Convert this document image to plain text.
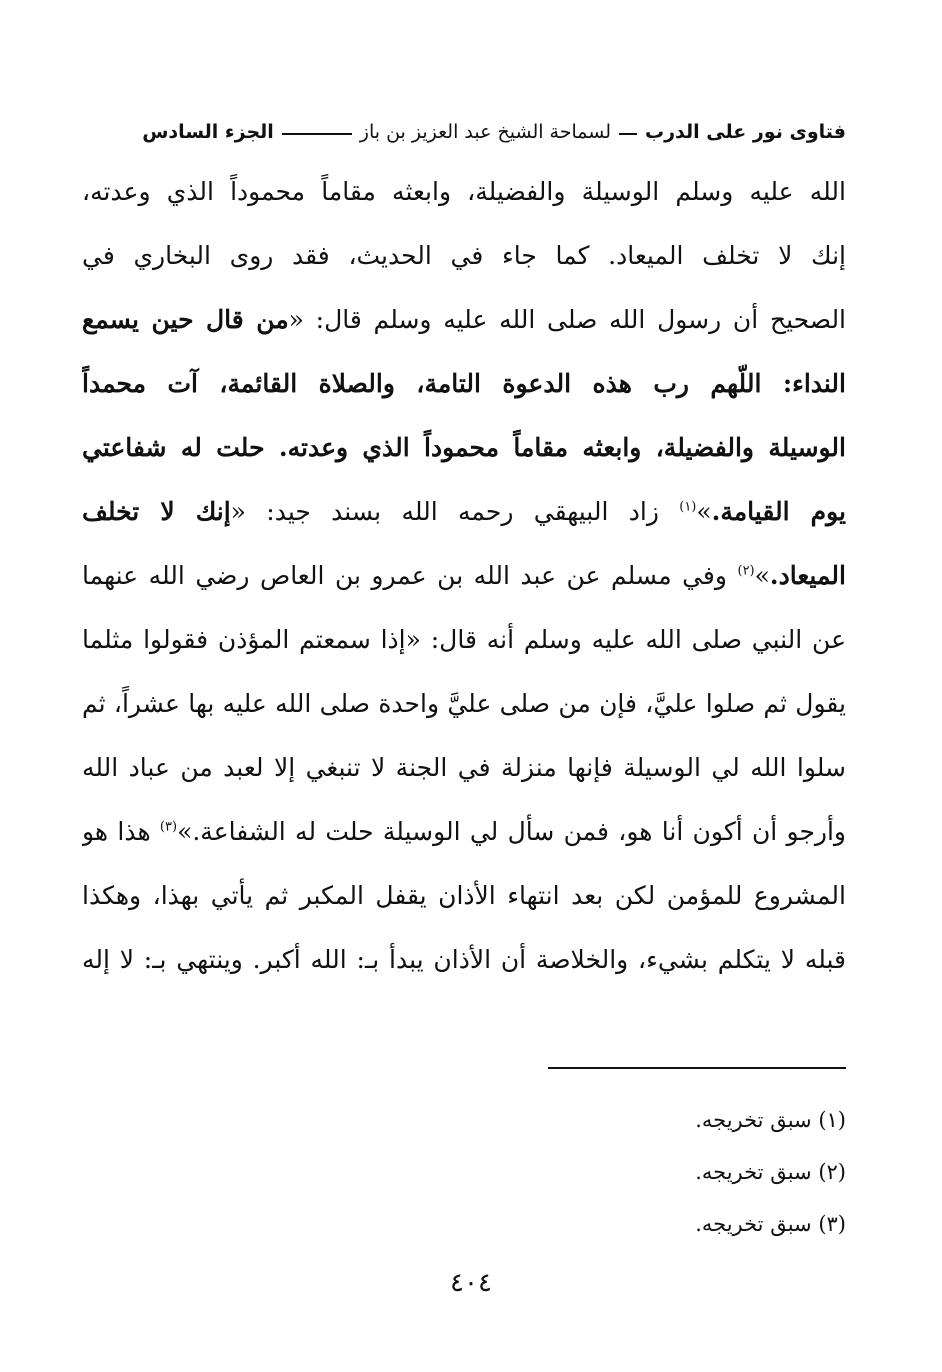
فتاوى نور على الدرب
لسماحة الشيخ عبد العزيز بن باز
الجزء السادس
الله عليه وسلم الوسيلة والفضيلة، وابعثه مقاماً محموداً الذي وعدته،
إنك لا تخلف الميعاد. كما جاء في الحديث، فقد روى البخاري في
الصحيح أن رسول الله صلى الله عليه وسلم قال: «من قال حين يسمع
النداء: اللّهم رب هذه الدعوة التامة، والصلاة القائمة، آت محمداً
الوسيلة والفضيلة، وابعثه مقاماً محموداً الذي وعدته. حلت له شفاعتي
يوم القيامة.»$^{(١)}$ زاد البيهقي رحمه الله بسند جيد: «إنك لا تخلف
الميعاد.»$^{(٢)}$ وفي مسلم عن عبد الله بن عمرو بن العاص رضي الله عنهما
عن النبي صلى الله عليه وسلم أنه قال: «إذا سمعتم المؤذن فقولوا مثلما
يقول ثم صلوا عليَّ، فإن من صلى عليَّ واحدة صلى الله عليه بها عشراً، ثم
سلوا الله لي الوسيلة فإنها منزلة في الجنة لا تنبغي إلا لعبد من عباد الله
وأرجو أن أكون أنا هو، فمن سأل لي الوسيلة حلت له الشفاعة.»$^{(٣)}$ هذا هو
المشروع للمؤمن لكن بعد انتهاء الأذان يقفل المكبر ثم يأتي بهذا، وهكذا
قبله لا يتكلم بشيء، والخلاصة أن الأذان يبدأ بـ: الله أكبر. وينتهي بـ: لا إله
(١) سبق تخريجه.
(٢) سبق تخريجه.
(٣) سبق تخريجه.
٤٠٤
